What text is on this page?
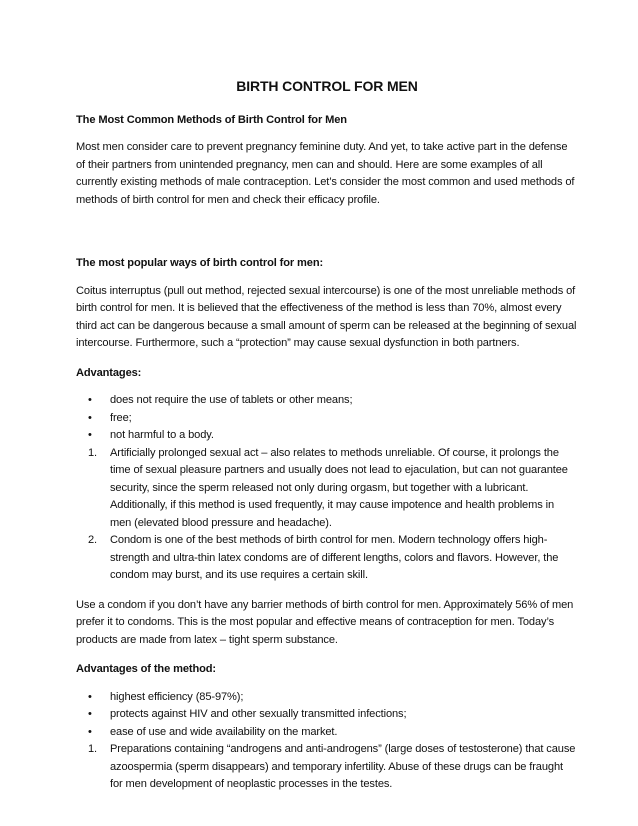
BIRTH CONTROL FOR MEN
The Most Common Methods of Birth Control for Men

Most men consider care to prevent pregnancy feminine duty. And yet, to take active part in the defense of their partners from unintended pregnancy, men can and should. Here are some examples of all currently existing methods of male contraception. Let’s consider the most common and used methods of methods of birth control for men and check their efficacy profile.

The most popular ways of birth control for men:

Coitus interruptus (pull out method, rejected sexual intercourse) is one of the most unreliable methods of birth control for men. It is believed that the effectiveness of the method is less than 70%, almost every third act can be dangerous because a small amount of sperm can be released at the beginning of sexual intercourse. Furthermore, such a “protection” may cause sexual dysfunction in both partners.

Advantages:
• does not require the use of tablets or other means;
• free;
• not harmful to a body.
1. Artificially prolonged sexual act – also relates to methods unreliable. Of course, it prolongs the time of sexual pleasure partners and usually does not lead to ejaculation, but can not guarantee security, since the sperm released not only during orgasm, but together with a lubricant. Additionally, if this method is used frequently, it may cause impotence and health problems in men (elevated blood pressure and headache).
2. Condom is one of the best methods of birth control for men. Modern technology offers high-strength and ultra-thin latex condoms are of different lengths, colors and flavors. However, the condom may burst, and its use requires a certain skill.

Use a condom if you don’t have any barrier methods of birth control for men. Approximately 56% of men prefer it to condoms. This is the most popular and effective means of contraception for men. Today’s products are made from latex – tight sperm substance.

Advantages of the method:
• highest efficiency (85-97%);
• protects against HIV and other sexually transmitted infections;
• ease of use and wide availability on the market.
1. Preparations containing “androgens and anti-androgens” (large doses of testosterone) that cause azoospermia (sperm disappears) and temporary infertility. Abuse of these drugs can be fraught for men development of neoplastic processes in the testes.
